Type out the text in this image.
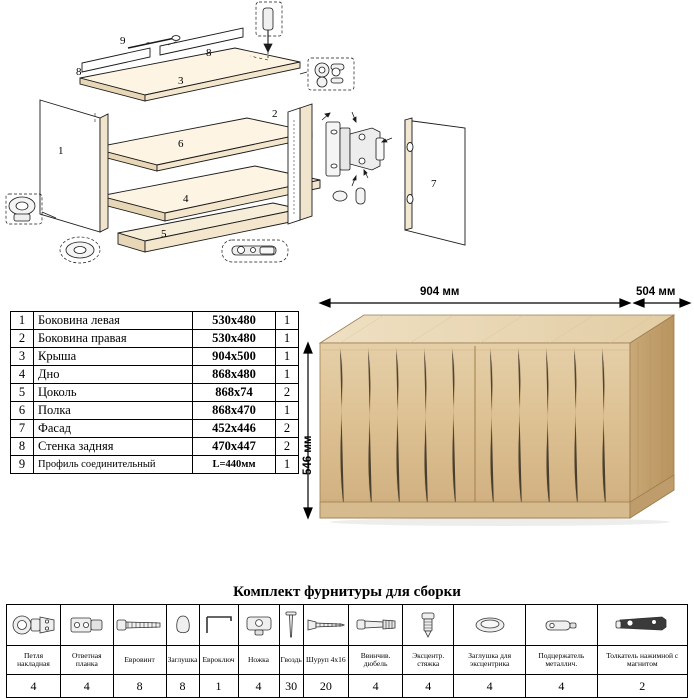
1
2
3
4
5
6
7
8
8
9
1	Боковина левая	530х480	1
2	Боковина правая	530х480	1
3	Крыша	904х500	1
4	Дно	868х480	1
5	Цоколь	868х74	2
6	Полка	868х470	1
7	Фасад	452х446	2
8	Стенка задняя	470х447	2
9	Профиль соединительный	L=440мм	1
904 мм	504 мм
546 мм
Комплект фурнитуры для сборки

Петля накладная	Ответная планка	Евровинт	Заглушка	Евроключ	Ножка	Гвоздь	Шуруп 4х16	Ввинчив. дюбель	Эксцентр. стяжка	Заглушка для эксцентрика	Подцержатель металлич.	Толкатель нажимной с магнитом
4	4	8	8	1	4	30	20	4	4	4	4	2
